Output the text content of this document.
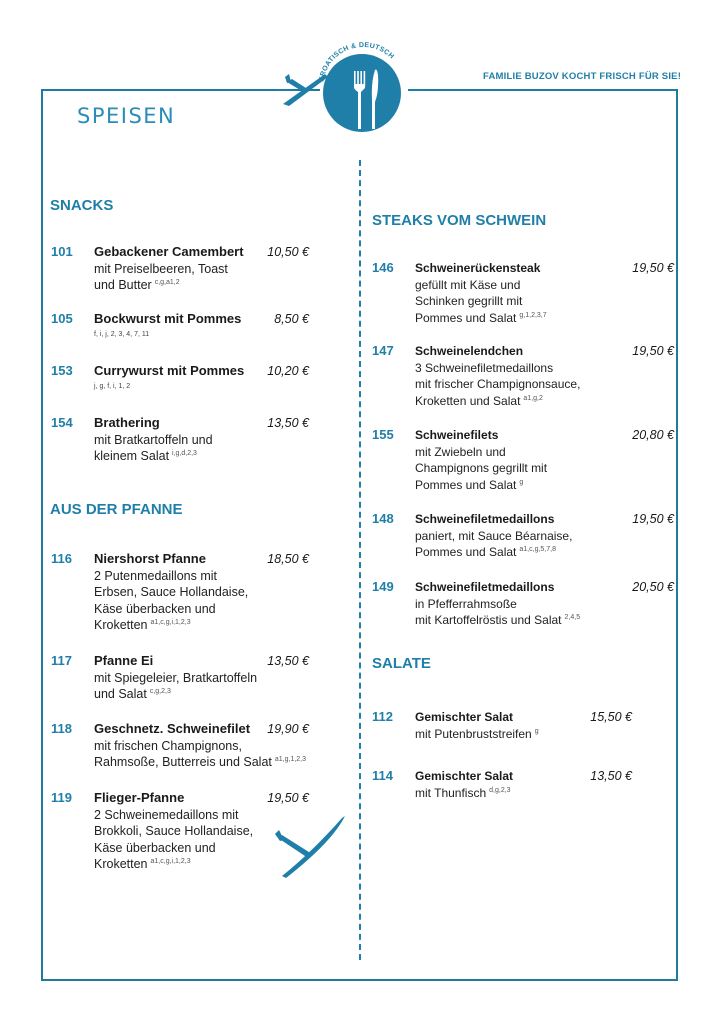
KROATISCH & DEUTSCH
FAMILIE BUZOV KOCHT FRISCH FÜR SIE!
SPEISEN
SNACKS
101 Gebackener Camembert 10,50 €
mit Preiselbeeren, Toast
und Butter $^{c,g,a1,2}$
105 Bockwurst mit Pommes	8,50 €
f, i, j, 2, 3, 4, 7, 11
153 Currywurst mit Pommes 10,20 €
j, g, f, i, 1, 2
154 Brathering	13,50 €
mit Bratkartoffeln und
kleinem Salat $^{i,g,d,2,3}$
AUS DER PFANNE
116 Niershorst Pfanne	18,50 €
2 Putenmedaillons mit
Erbsen, Sauce Hollandaise,
Käse überbacken und
Kroketten $^{a1,c,g,i,1,2,3}$
117 Pfanne Ei	13,50 €
mit Spiegeleier, Bratkartoffeln
und Salat $^{c,g,2,3}$
118 Geschnetz. Schweinefilet 19,90 €
mit frischen Champignons,
Rahmsoße, Butterreis und Salat $^{a1,g,1,2,3}$
119 Flieger-Pfanne	19,50 €
2 Schweinemedaillons mit
Brokkoli, Sauce Hollandaise,
Käse überbacken und
Kroketten $^{a1,c,g,i,1,2,3}$
STEAKS VOM SCHWEIN
146 Schweinerückensteak	19,50 €
gefüllt mit Käse und
Schinken gegrillt mit
Pommes und Salat $^{g,1,2,3,7}$
147 Schweinelendchen	19,50 €
3 Schweinefiletmedaillons
mit frischer Champignonsauce,
Kroketten und Salat $^{a1,g,2}$
155 Schweinefilets	20,80 €
mit Zwiebeln und
Champignons gegrillt mit
Pommes und Salat $^g$
148 Schweinefiletmedaillons	19,50 €
paniert, mit Sauce Béarnaise,
Pommes und Salat $^{a1,c,g,5,7,8}$
149 Schweinefiletmedaillons	20,50 €
in Pfefferrahmsoße
mit Kartoffelröstis und Salat $^{2,4,5}$
SALATE
112 Gemischter Salat	15,50 €
mit Putenbruststreifen $^g$
114 Gemischter Salat	13,50 €
mit Thunfisch $^{d,g,2,3}$
